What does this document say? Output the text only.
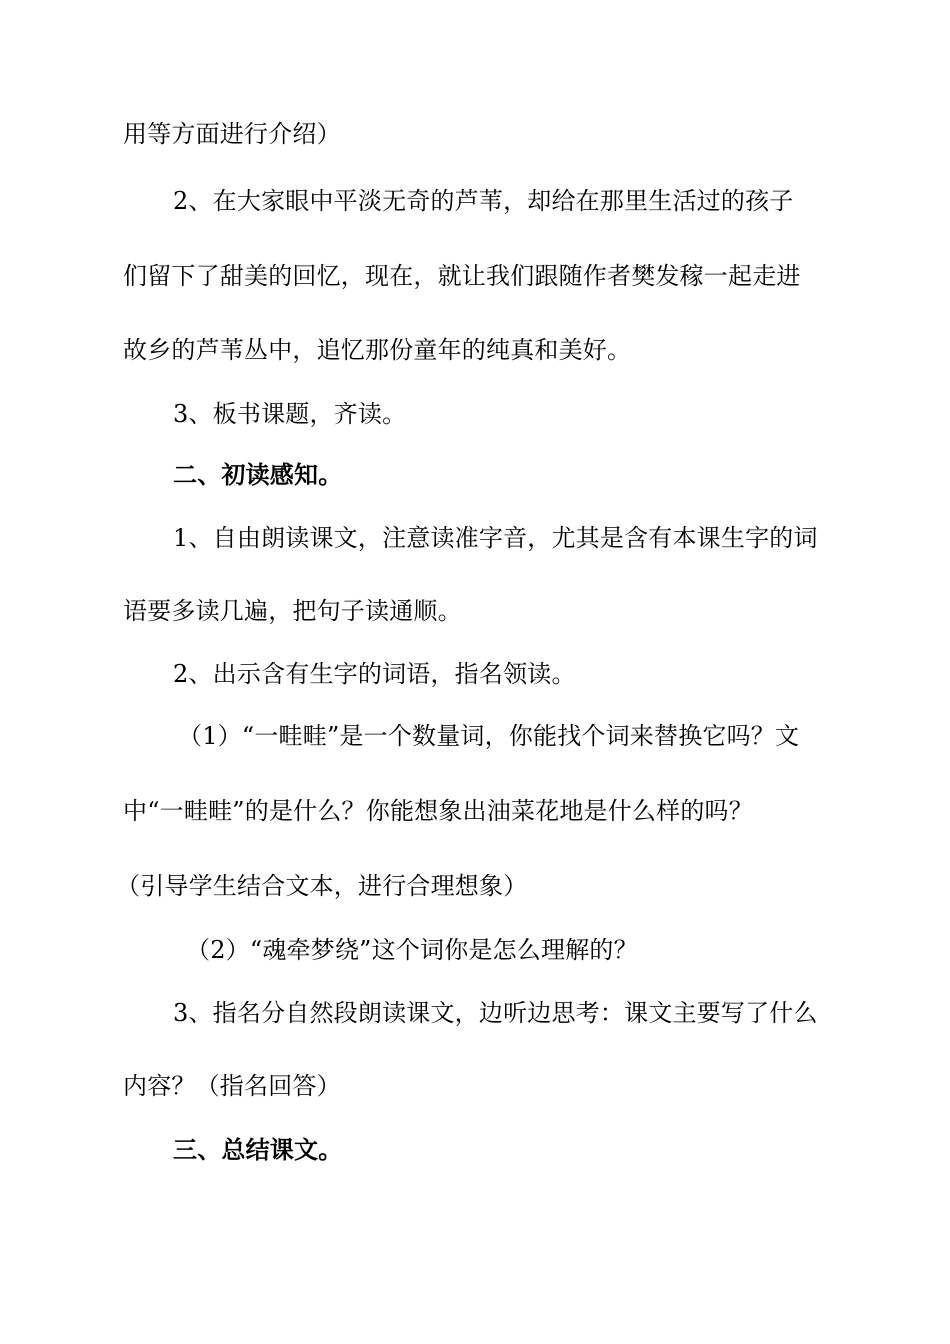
用等方面进行介绍）
2、在大家眼中平淡无奇的芦苇，却给在那里生活过的孩子
们留下了甜美的回忆，现在，就让我们跟随作者樊发稼一起走进
故乡的芦苇丛中，追忆那份童年的纯真和美好。
3、板书课题，齐读。
二、初读感知。
1、自由朗读课文，注意读准字音，尤其是含有本课生字的词
语要多读几遍，把句子读通顺。
2、出示含有生字的词语，指名领读。
（1）“一畦畦”是一个数量词，你能找个词来替换它吗？文
中“一畦畦”的是什么？你能想象出油菜花地是什么样的吗？
（引导学生结合文本，进行合理想象）
（2）“魂牵梦绕”这个词你是怎么理解的？
3、指名分自然段朗读课文，边听边思考：课文主要写了什么
内容？（指名回答）
三、总结课文。
